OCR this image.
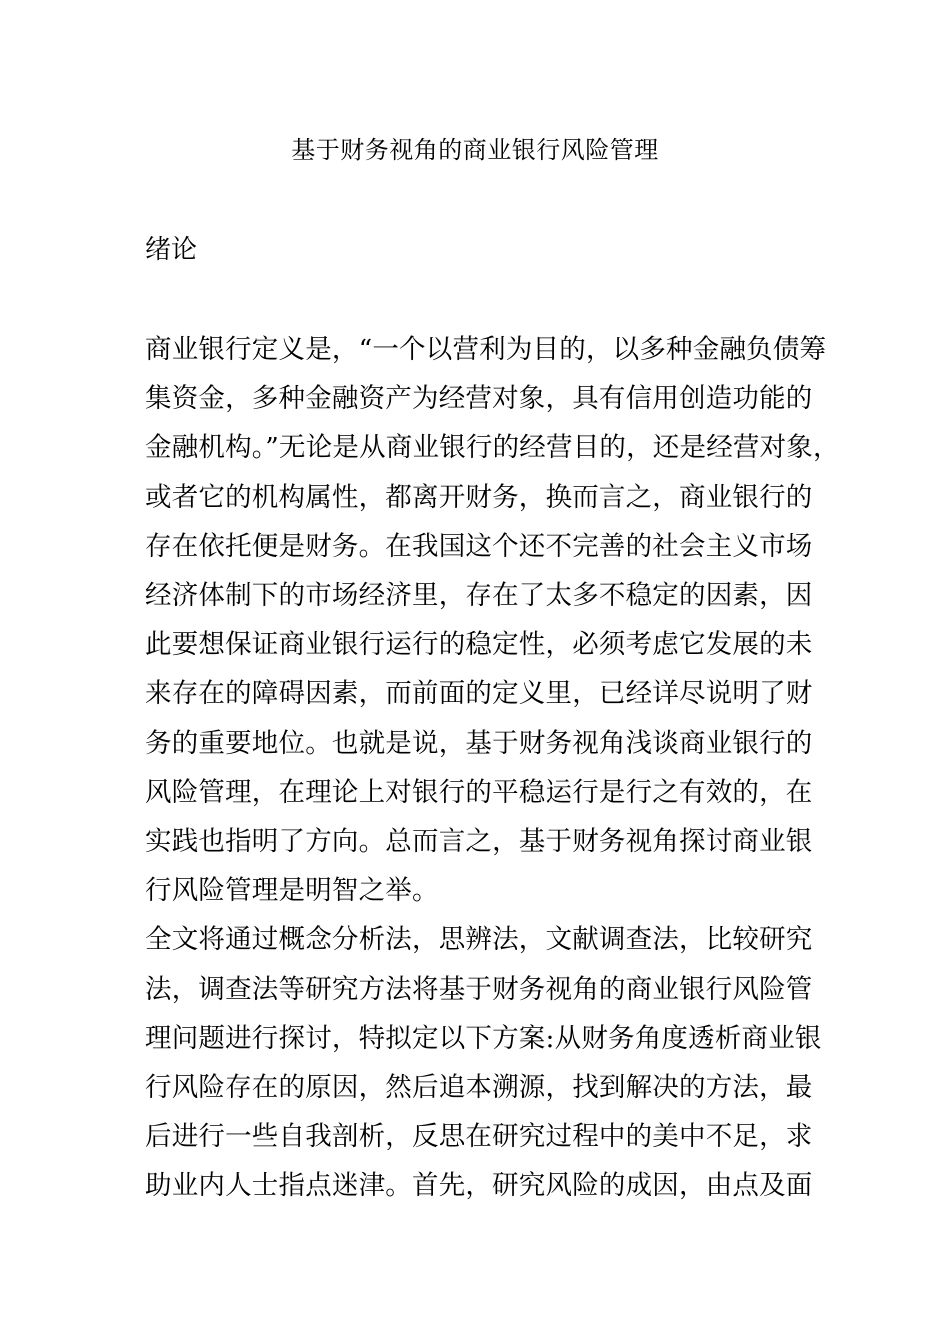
基于财务视角的商业银行风险管理
绪论
商业银行定义是，“一个以营利为目的，以多种金融负债筹
集资金，多种金融资产为经营对象，具有信用创造功能的
金融机构。”无论是从商业银行的经营目的，还是经营对象，
或者它的机构属性，都离开财务，换而言之，商业银行的
存在依托便是财务。在我国这个还不完善的社会主义市场
经济体制下的市场经济里，存在了太多不稳定的因素，因
此要想保证商业银行运行的稳定性，必须考虑它发展的未
来存在的障碍因素，而前面的定义里，已经详尽说明了财
务的重要地位。也就是说，基于财务视角浅谈商业银行的
风险管理，在理论上对银行的平稳运行是行之有效的，在
实践也指明了方向。总而言之，基于财务视角探讨商业银
行风险管理是明智之举。
全文将通过概念分析法，思辨法，文献调查法，比较研究
法，调查法等研究方法将基于财务视角的商业银行风险管
理问题进行探讨，特拟定以下方案:从财务角度透析商业银
行风险存在的原因，然后追本溯源，找到解决的方法，最
后进行一些自我剖析，反思在研究过程中的美中不足，求
助业内人士指点迷津。首先，研究风险的成因，由点及面
